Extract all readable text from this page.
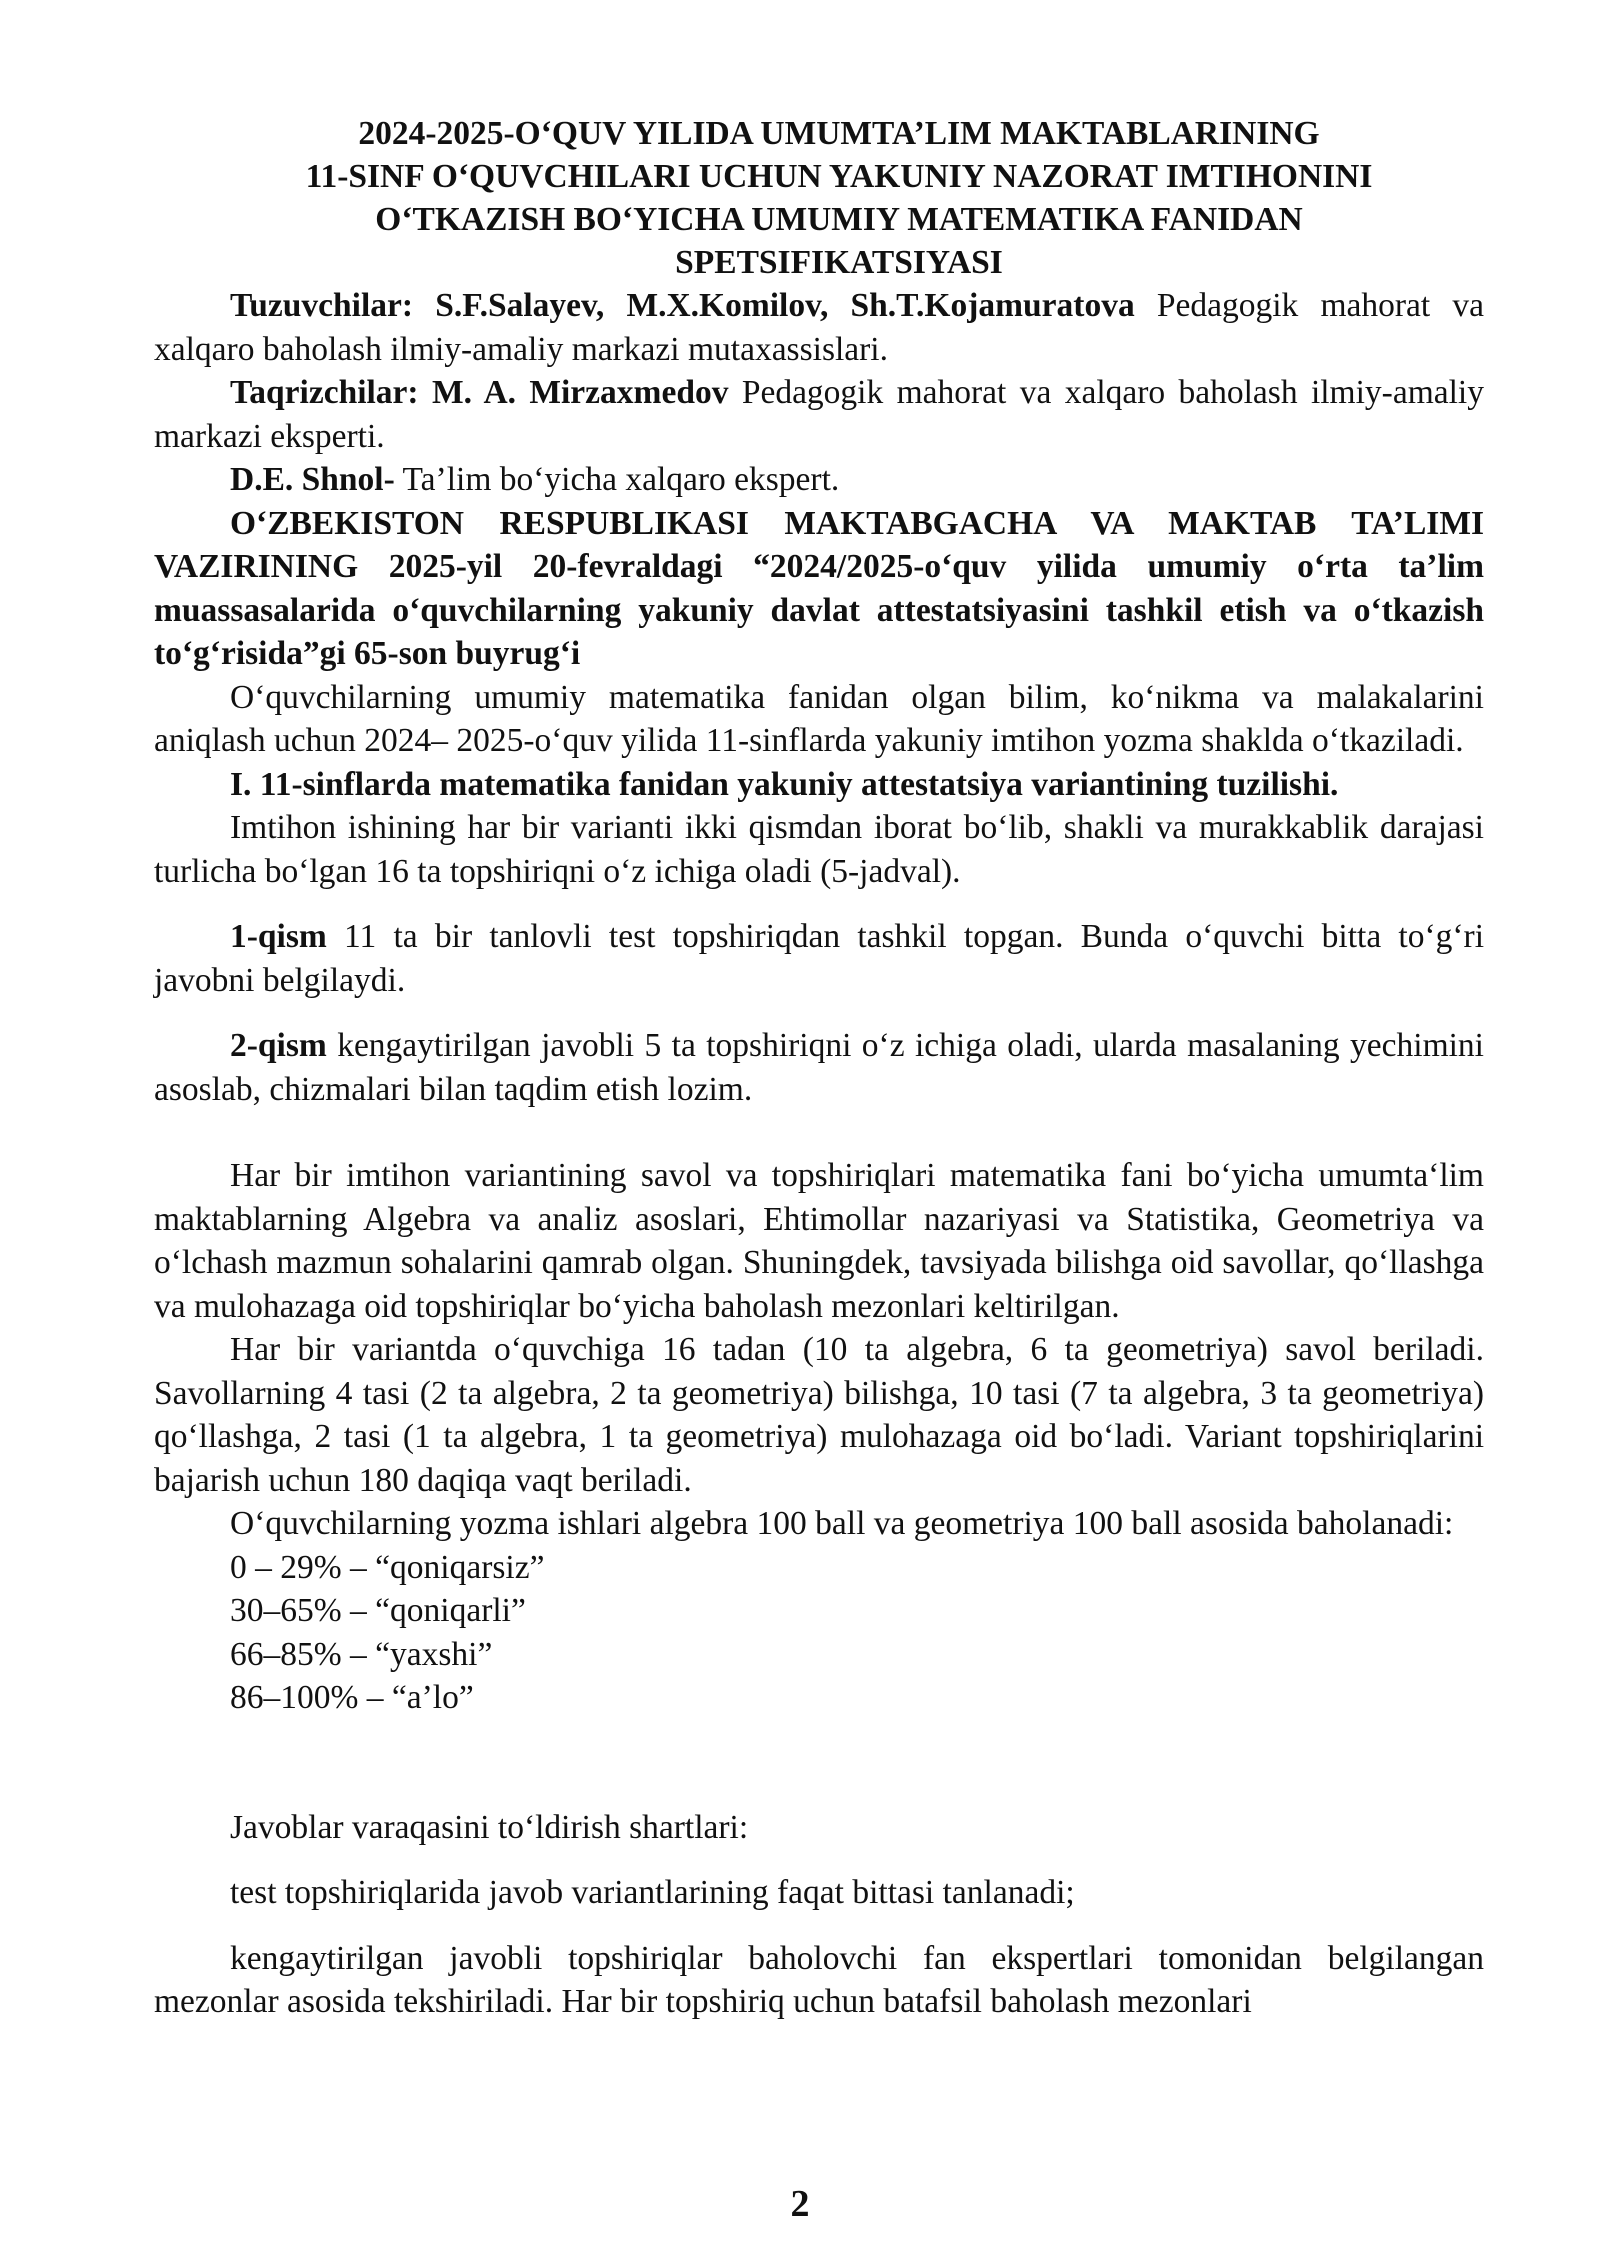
2024-2025-O‘QUV YILIDA UMUMTA’LIM MAKTABLARINING
11-SINF O‘QUVCHILARI UCHUN YAKUNIY NAZORAT IMTIHONINI
O‘TKAZISH BO‘YICHA UMUMIY MATEMATIKA FANIDAN
SPETSIFIKATSIYASI

Tuzuvchilar: S.F.Salayev, M.X.Komilov, Sh.T.Kojamuratova Pedagogik mahorat va xalqaro baholash ilmiy-amaliy markazi mutaxassislari.

Taqrizchilar: M. A. Mirzaxmedov Pedagogik mahorat va xalqaro baholash ilmiy-amaliy markazi eksperti.

D.E. Shnol- Ta’lim bo‘yicha xalqaro ekspert.

O‘ZBEKISTON RESPUBLIKASI MAKTABGACHA VA MAKTAB TA’LIMI VAZIRINING 2025-yil 20-fevraldagi “2024/2025-o‘quv yilida umumiy o‘rta ta’lim muassasalarida o‘quvchilarning yakuniy davlat attestatsiyasini tashkil etish va o‘tkazish to‘g‘risida”gi 65-son buyrug‘i

O‘quvchilarning umumiy matematika fanidan olgan bilim, ko‘nikma va malakalarini aniqlash uchun 2024– 2025-o‘quv yilida 11-sinflarda yakuniy imtihon yozma shaklda o‘tkaziladi.

I. 11-sinflarda matematika fanidan yakuniy attestatsiya variantining tuzilishi.

Imtihon ishining har bir varianti ikki qismdan iborat bo‘lib, shakli va murakkablik darajasi turlicha bo‘lgan 16 ta topshiriqni o‘z ichiga oladi (5-jadval).

1-qism 11 ta bir tanlovli test topshiriqdan tashkil topgan. Bunda o‘quvchi bitta to‘g‘ri javobni belgilaydi.

2-qism kengaytirilgan javobli 5 ta topshiriqni o‘z ichiga oladi, ularda masalaning yechimini asoslab, chizmalari bilan taqdim etish lozim.

Har bir imtihon variantining savol va topshiriqlari matematika fani bo‘yicha umumta‘lim maktablarning Algebra va analiz asoslari, Ehtimollar nazariyasi va Statistika, Geometriya va o‘lchash mazmun sohalarini qamrab olgan. Shuningdek, tavsiyada bilishga oid savollar, qo‘llashga va mulohazaga oid topshiriqlar bo‘yicha baholash mezonlari keltirilgan.

Har bir variantda o‘quvchiga 16 tadan (10 ta algebra, 6 ta geometriya) savol beriladi. Savollarning 4 tasi (2 ta algebra, 2 ta geometriya) bilishga, 10 tasi (7 ta algebra, 3 ta geometriya) qo‘llashga, 2 tasi (1 ta algebra, 1 ta geometriya) mulohazaga oid bo‘ladi. Variant topshiriqlarini bajarish uchun 180 daqiqa vaqt beriladi.

O‘quvchilarning yozma ishlari algebra 100 ball va geometriya 100 ball asosida baholanadi:

0 – 29% – “qoniqarsiz”
30–65% – “qoniqarli”
66–85% – “yaxshi”
86–100% – “a’lo”

Javoblar varaqasini to‘ldirish shartlari:

test topshiriqlarida javob variantlarining faqat bittasi tanlanadi;

kengaytirilgan javobli topshiriqlar baholovchi fan ekspertlari tomonidan belgilangan mezonlar asosida tekshiriladi. Har bir topshiriq uchun batafsil baholash mezonlari

2
